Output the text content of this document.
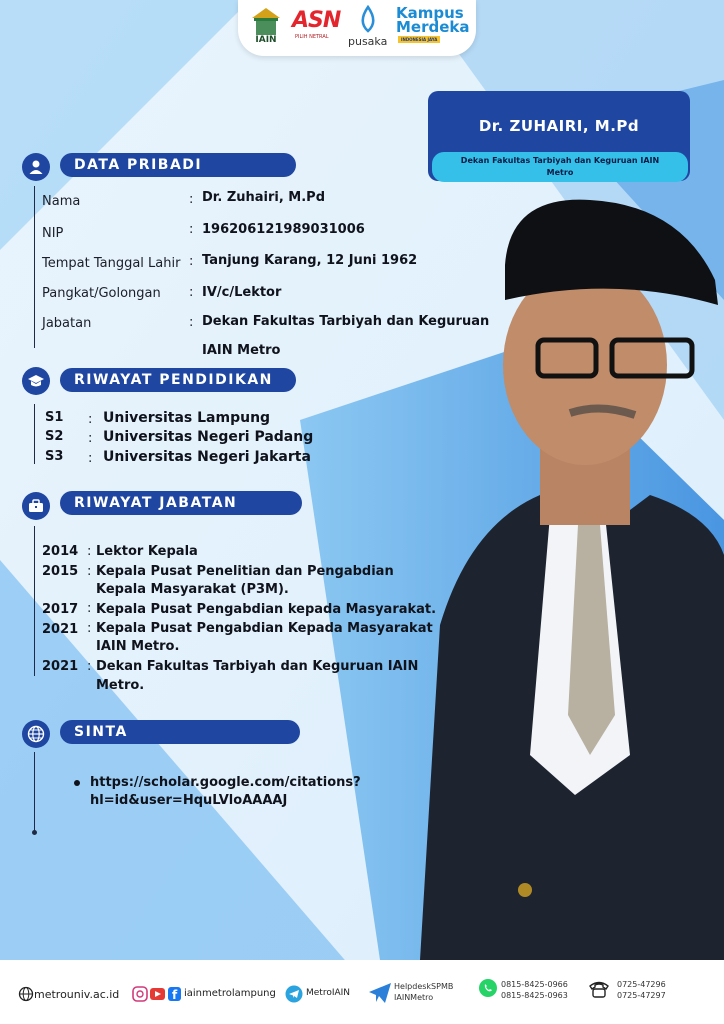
IAIN
ASN
PILIH NETRAL pusaka
Kampus
Merdeka
INDONESIA JAYA
Dr. ZUHAIRI, M.Pd
Dekan Fakultas Tarbiyah dan Keguruan IAIN Metro
DATA PRIBADI
Nama	: Dr. Zuhairi, M.Pd
NIP	: 196206121989031006
Tempat Tanggal Lahir : Tanjung Karang, 12 Juni 1962
Pangkat/Golongan : IV/c/Lektor
Jabatan	: Dekan Fakultas Tarbiyah dan Keguruan
IAIN Metro
RIWAYAT PENDIDIKAN
S1 : Universitas Lampung
S2 : Universitas Negeri Padang
S3 : Universitas Negeri Jakarta
RIWAYAT JABATAN
2014 : Lektor Kepala
2015 : Kepala Pusat Penelitian dan Pengabdian
Kepala Masyarakat (P3M).
2017 : Kepala Pusat Pengabdian kepada Masyarakat.
2021 : Kepala Pusat Pengabdian Kepada Masyarakat
IAIN Metro.
2021 : Dekan Fakultas Tarbiyah dan Keguruan IAIN
Metro.
SINTA
https://scholar.google.com/citations?
hl=id&user=HquLVloAAAAJ
metrouniv.ac.id	f iainmetrolampung	MetroIAIN
HelpdeskSPMB
IAINMetro
0815-8425-0966
0815-8425-0963
0725-47296
0725-47297
